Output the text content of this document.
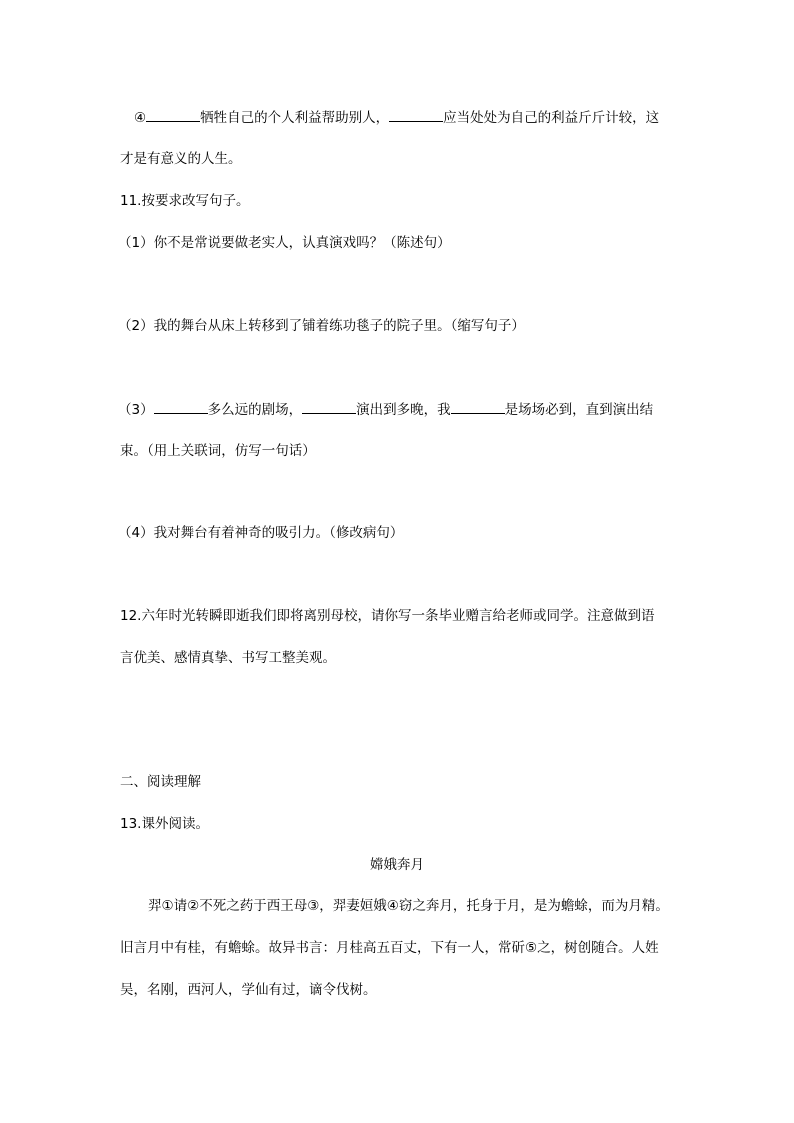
④	牺牲自己的个人利益帮助别人，	应当处处为自己的利益斤斤计较，这
才是有意义的人生。
11.按要求改写句子。
（1）你不是常说要做老实人，认真演戏吗？（陈述句）
（2）我的舞台从床上转移到了铺着练功毯子的院子里。（缩写句子）
（3）	多么远的剧场，	演出到多晚，我	是场场必到，直到演出结
束。（用上关联词，仿写一句话）
（4）我对舞台有着神奇的吸引力。（修改病句）
12.六年时光转瞬即逝我们即将离别母校，请你写一条毕业赠言给老师或同学。注意做到语
言优美、感情真挚、书写工整美观。
二、阅读理解
13.课外阅读。
嫦娥奔月
羿①请②不死之药于西王母③，羿妻姮娥④窃之奔月，托身于月，是为蟾蜍，而为月精。
旧言月中有桂，有蟾蜍。故异书言：月桂高五百丈，下有一人，常斫⑤之，树创随合。人姓
吴，名刚，西河人，学仙有过，谪令伐树。
